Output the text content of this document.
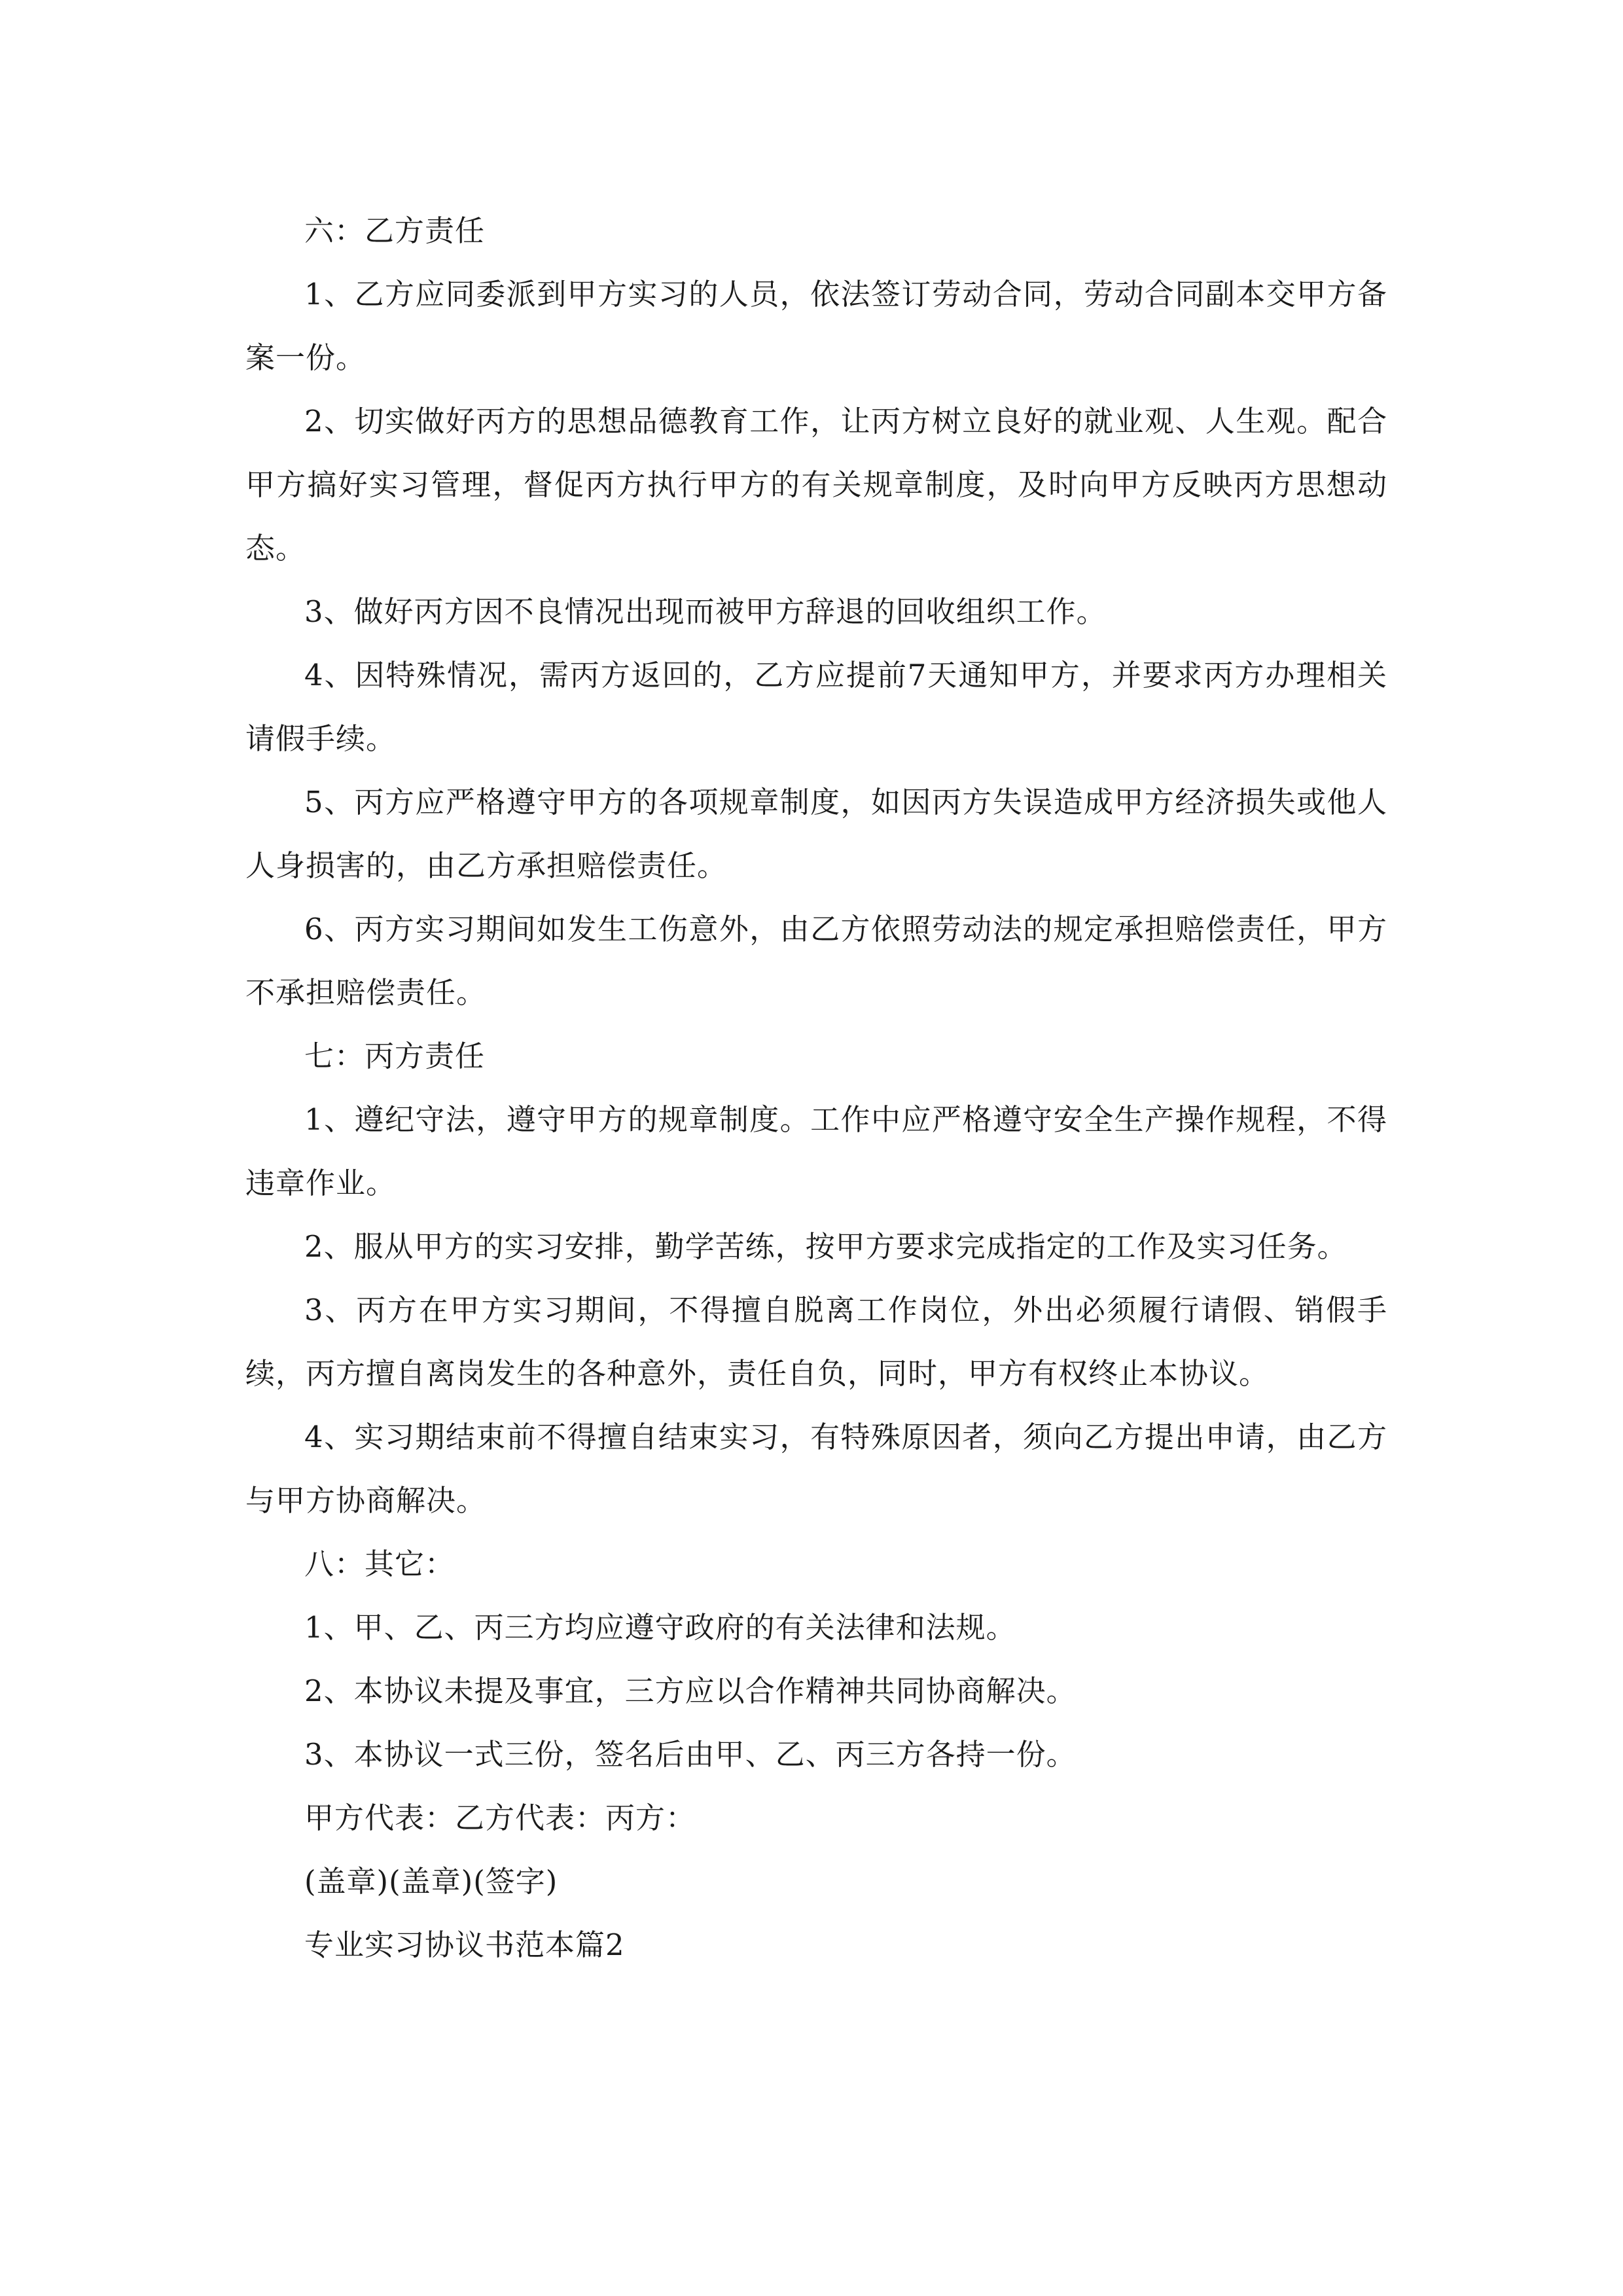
六：乙方责任

1、乙方应同委派到甲方实习的人员，依法签订劳动合同，劳动合同副本交甲方备案一份。

2、切实做好丙方的思想品德教育工作，让丙方树立良好的就业观、人生观。配合甲方搞好实习管理，督促丙方执行甲方的有关规章制度，及时向甲方反映丙方思想动态。

3、做好丙方因不良情况出现而被甲方辞退的回收组织工作。

4、因特殊情况，需丙方返回的，乙方应提前7天通知甲方，并要求丙方办理相关请假手续。

5、丙方应严格遵守甲方的各项规章制度，如因丙方失误造成甲方经济损失或他人人身损害的，由乙方承担赔偿责任。

6、丙方实习期间如发生工伤意外，由乙方依照劳动法的规定承担赔偿责任，甲方不承担赔偿责任。

七：丙方责任

1、遵纪守法，遵守甲方的规章制度。工作中应严格遵守安全生产操作规程，不得违章作业。

2、服从甲方的实习安排，勤学苦练，按甲方要求完成指定的工作及实习任务。

3、丙方在甲方实习期间，不得擅自脱离工作岗位，外出必须履行请假、销假手续，丙方擅自离岗发生的各种意外，责任自负，同时，甲方有权终止本协议。

4、实习期结束前不得擅自结束实习，有特殊原因者，须向乙方提出申请，由乙方与甲方协商解决。

八：其它：

1、甲、乙、丙三方均应遵守政府的有关法律和法规。

2、本协议未提及事宜，三方应以合作精神共同协商解决。

3、本协议一式三份，签名后由甲、乙、丙三方各持一份。

甲方代表：乙方代表：丙方：

(盖章)(盖章)(签字)

专业实习协议书范本篇2
